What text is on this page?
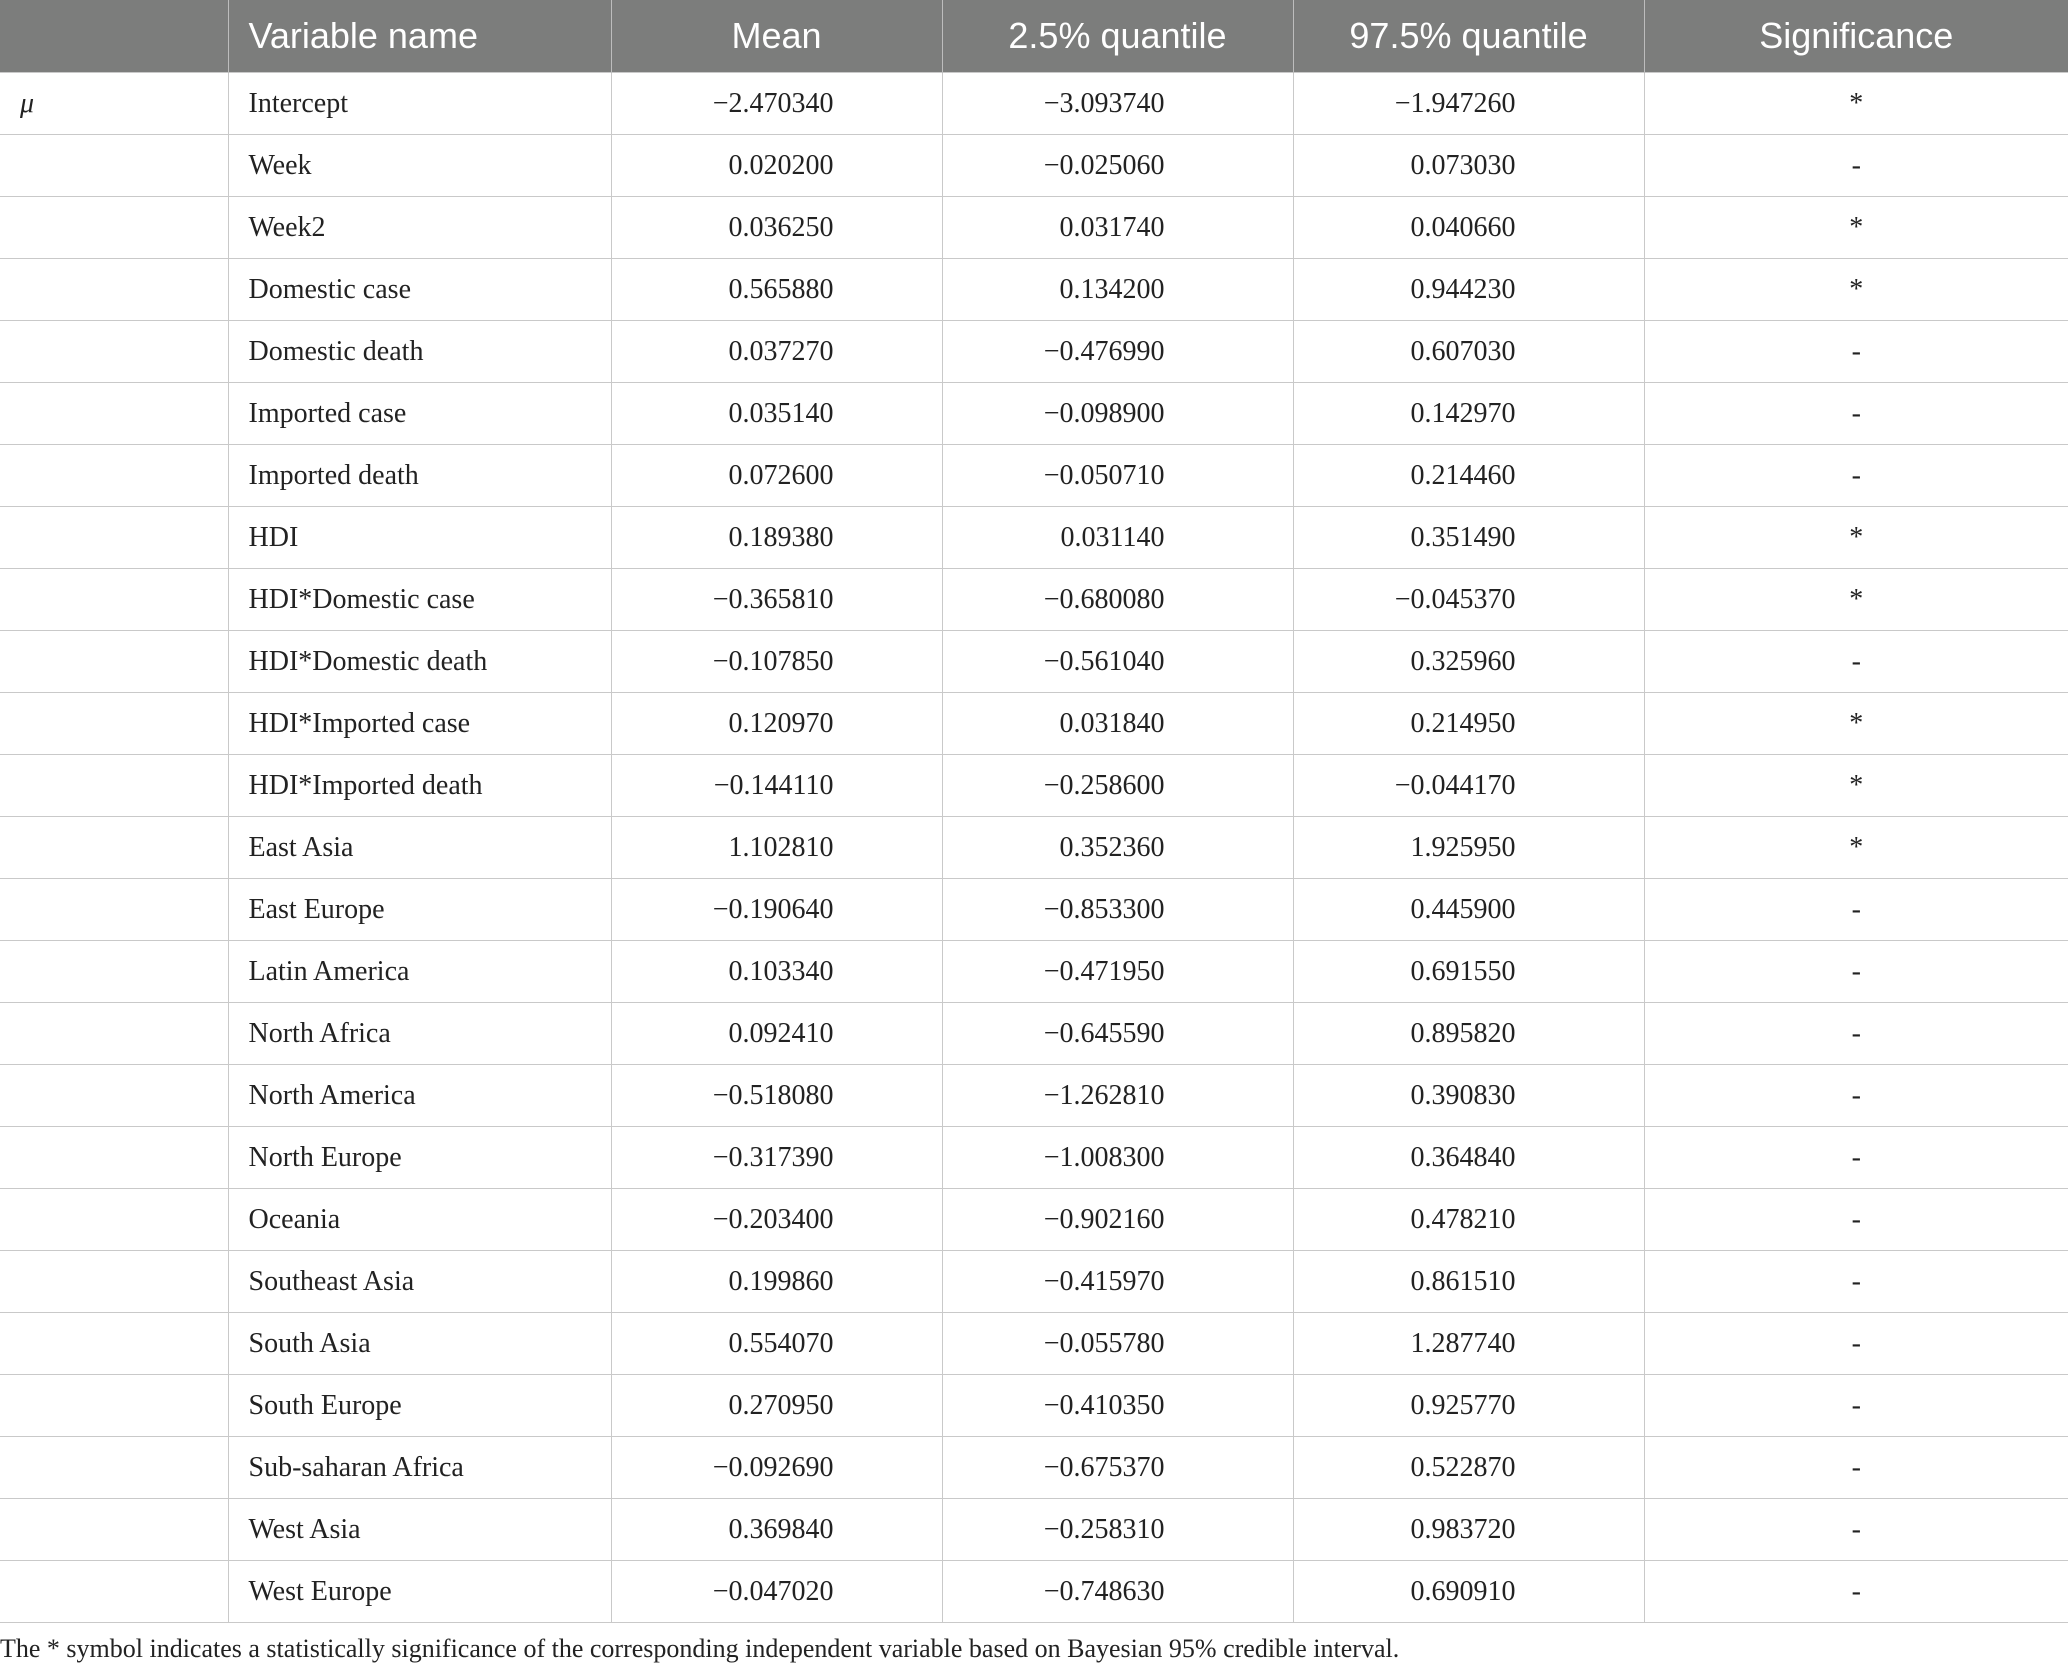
	Variable name	Mean	2.5% quantile	97.5% quantile	Significance
μ	Intercept	−2.470340	−3.093740	−1.947260	*
	Week	0.020200	−0.025060	0.073030	-
	Week2	0.036250	0.031740	0.040660	*
	Domestic case	0.565880	0.134200	0.944230	*
	Domestic death	0.037270	−0.476990	0.607030	-
	Imported case	0.035140	−0.098900	0.142970	-
	Imported death	0.072600	−0.050710	0.214460	-
	HDI	0.189380	0.031140	0.351490	*
	HDI*Domestic case	−0.365810	−0.680080	−0.045370	*
	HDI*Domestic death	−0.107850	−0.561040	0.325960	-
	HDI*Imported case	0.120970	0.031840	0.214950	*
	HDI*Imported death	−0.144110	−0.258600	−0.044170	*
	East Asia	1.102810	0.352360	1.925950	*
	East Europe	−0.190640	−0.853300	0.445900	-
	Latin America	0.103340	−0.471950	0.691550	-
	North Africa	0.092410	−0.645590	0.895820	-
	North America	−0.518080	−1.262810	0.390830	-
	North Europe	−0.317390	−1.008300	0.364840	-
	Oceania	−0.203400	−0.902160	0.478210	-
	Southeast Asia	0.199860	−0.415970	0.861510	-
	South Asia	0.554070	−0.055780	1.287740	-
	South Europe	0.270950	−0.410350	0.925770	-
	Sub-saharan Africa	−0.092690	−0.675370	0.522870	-
	West Asia	0.369840	−0.258310	0.983720	-
	West Europe	−0.047020	−0.748630	0.690910	-
The * symbol indicates a statistically significance of the corresponding independent variable based on Bayesian 95% credible interval.
